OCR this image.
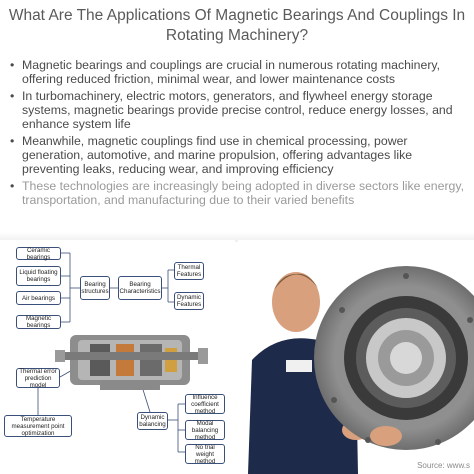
What Are The Applications Of Magnetic Bearings And Couplings In Rotating Machinery?
• Magnetic bearings and couplings are crucial in numerous rotating machinery, offering reduced friction, minimal wear, and lower maintenance costs
• In turbomachinery, electric motors, generators, and flywheel energy storage systems, magnetic bearings provide precise control, reduce energy losses, and enhance system life
• Meanwhile, magnetic couplings find use in chemical processing, power generation, automotive, and marine propulsion, offering advantages like preventing leaks, reducing wear, and improving efficiency
• These technologies are increasingly being adopted in diverse sectors like energy, transportation, and manufacturing due to their varied benefits
Ceramic bearings
Liquid floating bearings
Air bearings
Magnetic bearings
Bearing structures
Bearing Characteristics
Thermal Features
Dynamic Features
Thermal error prediction model
Temperature measurement point optimization
Influence coefficient method
Dynamic balancing	Modal balancing method
No trial weight method	Source: www.s
